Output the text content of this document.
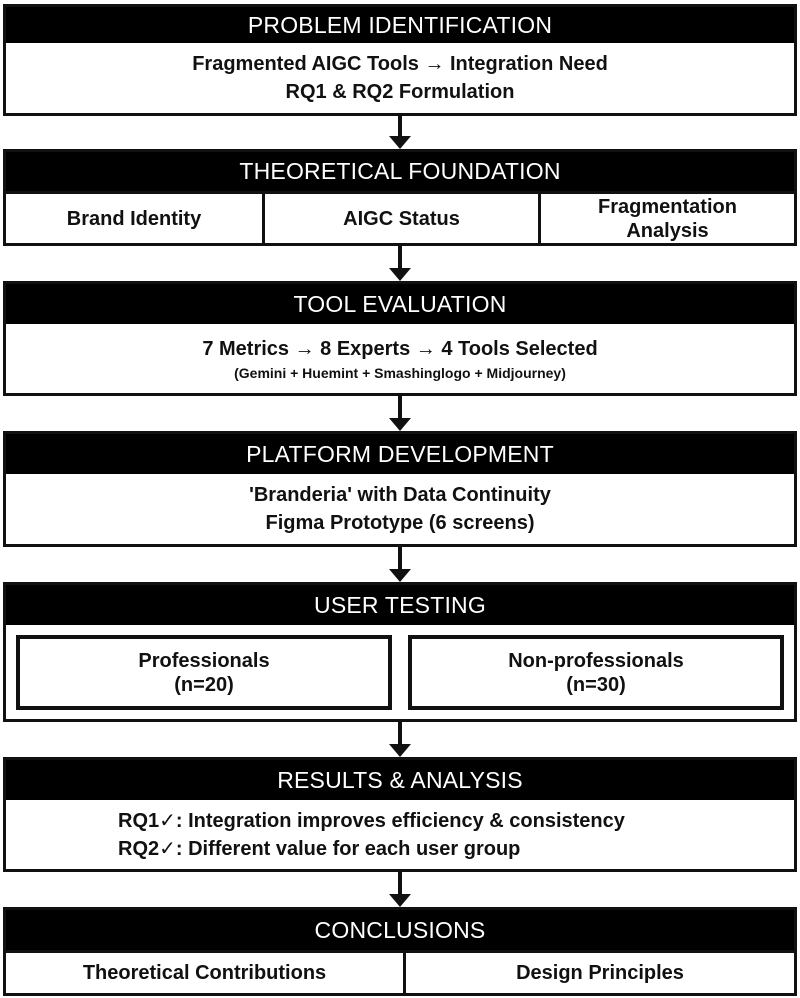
PROBLEM IDENTIFICATION
Fragmented AIGC Tools → Integration Need
RQ1 & RQ2 Formulation
THEORETICAL FOUNDATION
Brand Identity	AIGC Status
Fragmentation
Analysis
TOOL EVALUATION
7 Metrics → 8 Experts → 4 Tools Selected
(Gemini + Huemint + Smashinglogo + Midjourney)
PLATFORM DEVELOPMENT
'Branderia' with Data Continuity
Figma Prototype (6 screens)
USER TESTING
Professionals
(n=20)
Non-professionals
(n=30)
RESULTS & ANALYSIS
RQ1✓: Integration improves efficiency & consistency
RQ2✓: Different value for each user group
CONCLUSIONS
Theoretical Contributions	Design Principles
